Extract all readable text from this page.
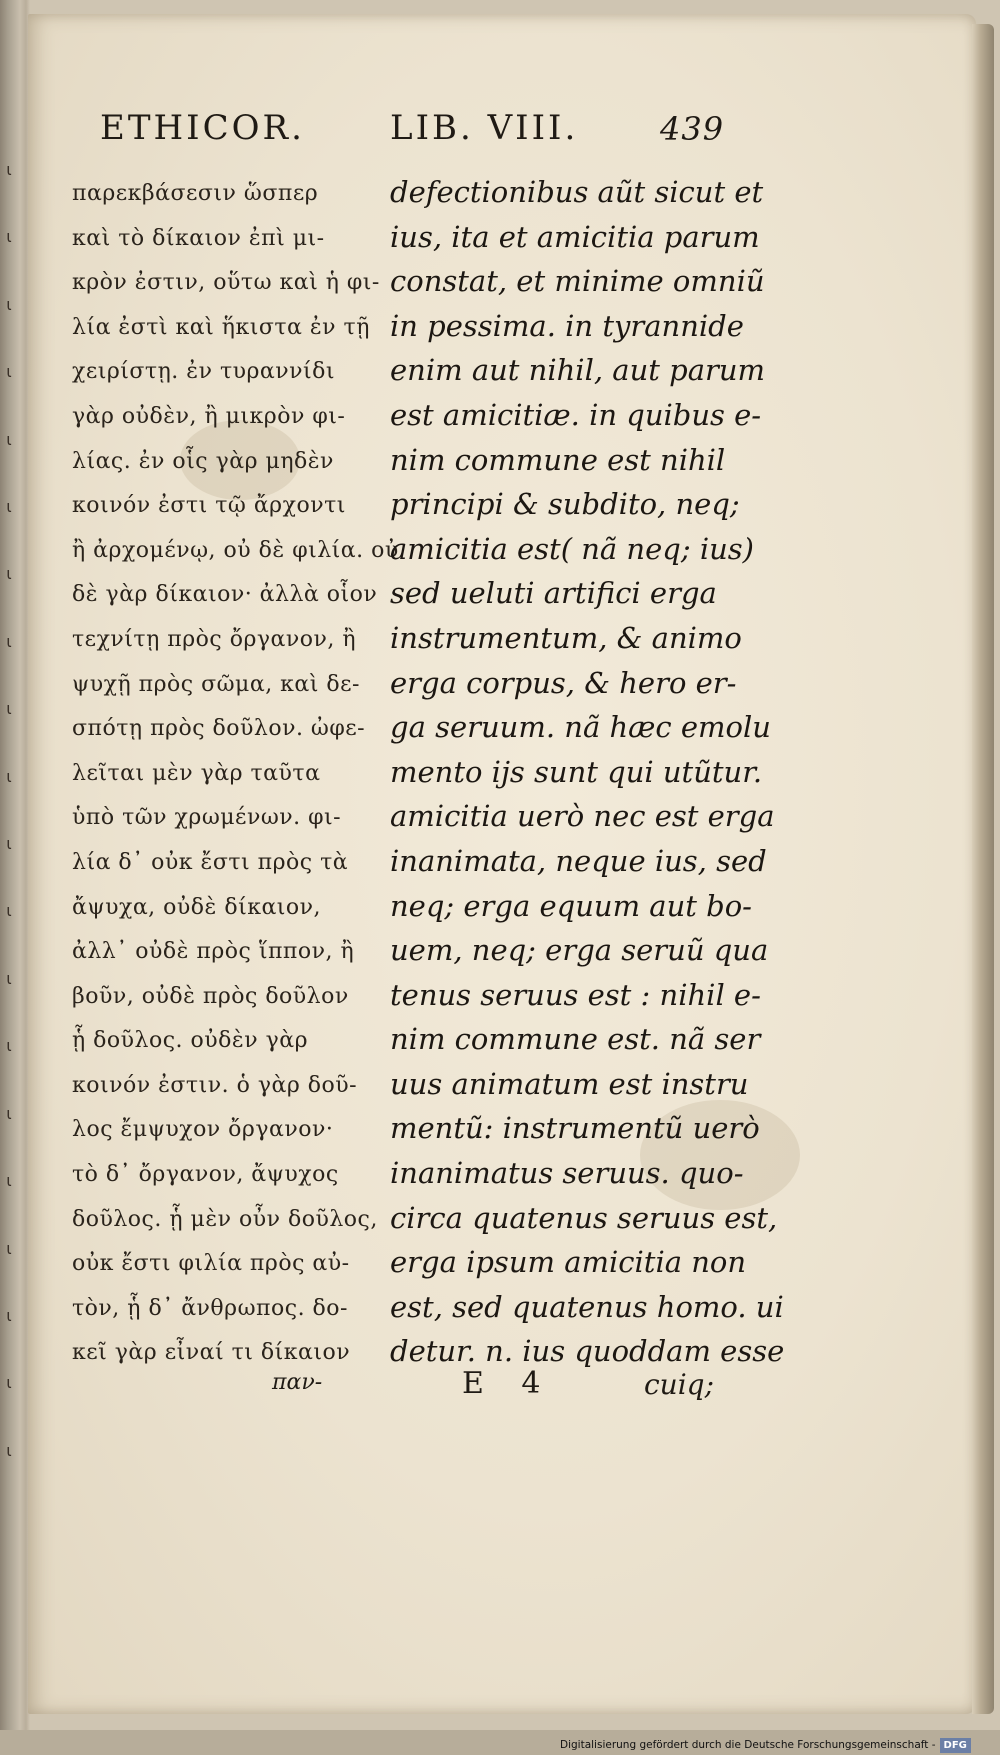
ι
ι
ι
ι
ι
ι
ι
ι
ι
ι
ι
ι
ι
ι
ι
ι
ι
ι
ι
ι
ETHICOR.	LIB. VIII.	439
παρεκβάσεσιν ὥσπερ
καὶ τὸ δίκαιον ἐπὶ μι-
κρὸν ἐστιν, οὕτω καὶ ἡ φι-
λία ἐστὶ καὶ ἥκιστα ἐν τῇ
χειρίστῃ. ἐν τυραννίδι
γὰρ οὐδὲν, ἢ μικρὸν φι-
λίας. ἐν οἷς γὰρ μηδὲν
κοινόν ἐστι τῷ ἄρχοντι
ἢ ἀρχομένῳ, οὐ δὲ φιλία. οὐ
δὲ γὰρ δίκαιον· ἀλλὰ οἷον
τεχνίτῃ πρὸς ὄργανον, ἢ
ψυχῇ πρὸς σῶμα, καὶ δε-
σπότῃ πρὸς δοῦλον. ὠφε-
λεῖται μὲν γὰρ ταῦτα
ὑπὸ τῶν χρωμένων. φι-
λία δ᾽ οὐκ ἔστι πρὸς τὰ
ἄψυχα, οὐδὲ δίκαιον,
ἀλλ᾽ οὐδὲ πρὸς ἵππον, ἢ
βοῦν, οὐδὲ πρὸς δοῦλον
ᾗ δοῦλος. οὐδὲν γὰρ
κοινόν ἐστιν. ὁ γὰρ δοῦ-
λος ἔμψυχον ὄργανον·
τὸ δ᾽ ὄργανον, ἄψυχος
δοῦλος. ᾗ μὲν οὖν δοῦλος,
οὐκ ἔστι φιλία πρὸς αὐ-
τὸν, ᾗ δ᾽ ἄνθρωπος. δο-
κεῖ γὰρ εἶναί τι δίκαιον
defectionibus aũt sicut et
ius, ita et amicitia parum
constat, et minime omniũ
in pessima. in tyrannide
enim aut nihil, aut parum
est amicitiæ. in quibus e-
nim commune est nihil
principi & subdito, neq;
amicitia est( nã neq; ius)
sed ueluti artifici erga
instrumentum, & animo
erga corpus, & hero er-
ga seruum. nã hæc emolu
mento ijs sunt qui utũtur.
amicitia uerò nec est erga
inanimata, neque ius, sed
neq; erga equum aut bo-
uem, neq; erga seruũ qua
tenus seruus est : nihil e-
nim commune est. nã ser
uus animatum est instru
mentũ: instrumentũ uerò
inanimatus seruus. quo-
circa quatenus seruus est,
erga ipsum amicitia non
est, sed quatenus homo. ui
detur. n. ius quoddam esse
παν-	E 4	cuiq;
Digitalisierung gefördert durch die Deutsche Forschungsgemeinschaft - DFG
